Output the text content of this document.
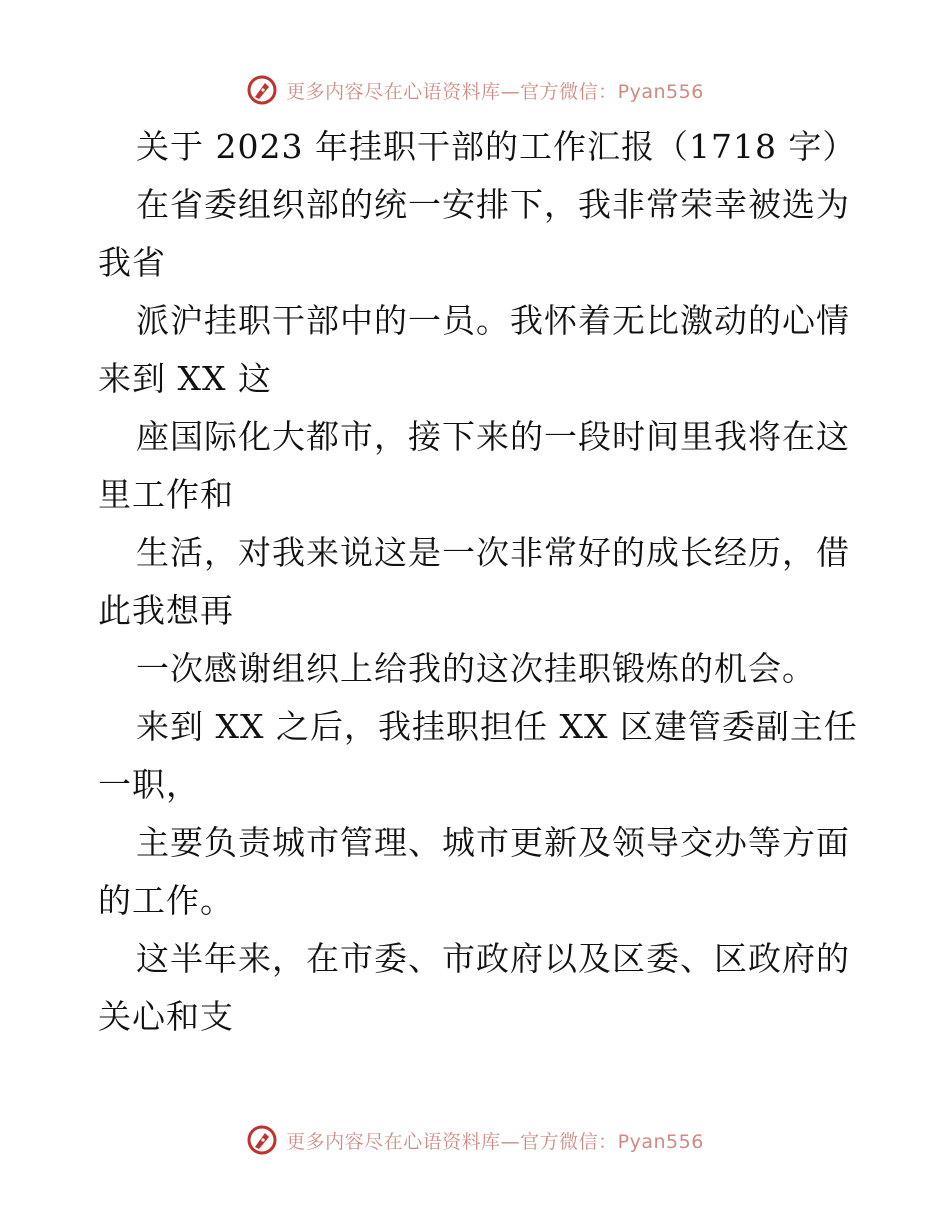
更多内容尽在心语资料库—官方微信：Pyan556
关于 2023 年挂职干部的工作汇报（1718 字）
在省委组织部的统一安排下，我非常荣幸被选为
我省
派沪挂职干部中的一员。我怀着无比激动的心情
来到 XX 这
座国际化大都市，接下来的一段时间里我将在这
里工作和
生活，对我来说这是一次非常好的成长经历，借
此我想再
一次感谢组织上给我的这次挂职锻炼的机会。
来到 XX 之后，我挂职担任 XX 区建管委副主任
一职，
主要负责城市管理、城市更新及领导交办等方面
的工作。
这半年来，在市委、市政府以及区委、区政府的
关心和支
更多内容尽在心语资料库—官方微信：Pyan556
